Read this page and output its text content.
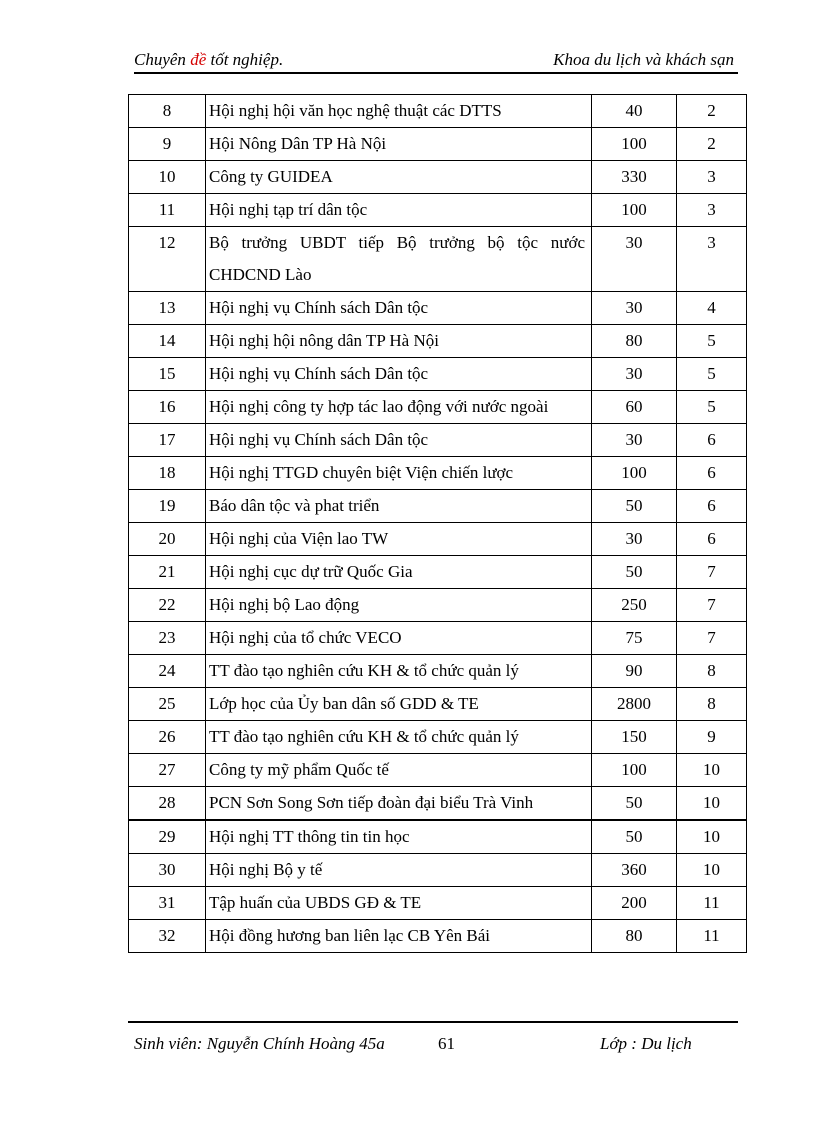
Chuyên đề tốt nghiệp.	Khoa du lịch và khách sạn
8	Hội nghị hội văn học nghệ thuật các DTTS	40	2
9	Hội Nông Dân TP Hà Nội	100	2
10	Công ty GUIDEA	330	3
11	Hội nghị tạp trí dân tộc	100	3
12	Bộ trưởng UBDT tiếp Bộ trưởng bộ tộc nước CHDCND Lào	30	3
13	Hội nghị vụ Chính sách Dân tộc	30	4
14	Hội nghị hội nông dân TP Hà Nội	80	5
15	Hội nghị vụ Chính sách Dân tộc	30	5
16	Hội nghị công ty hợp tác lao động với nước ngoài	60	5
17	Hội nghị vụ Chính sách Dân tộc	30	6
18	Hội nghị TTGD chuyên biệt Viện chiến lược	100	6
19	Báo dân tộc và phat triển	50	6
20	Hội nghị của Viện lao TW	30	6
21	Hội nghị cục dự trữ Quốc Gia	50	7
22	Hội nghị bộ Lao động	250	7
23	Hội nghị của tổ chức VECO	75	7
24	TT đào tạo nghiên cứu KH & tổ chức quản lý	90	8
25	Lớp học của Ủy ban dân số GDD & TE	2800	8
26	TT đào tạo nghiên cứu KH & tổ chức quản lý	150	9
27	Công ty mỹ phẩm Quốc tế	100	10
28	PCN Sơn Song Sơn tiếp đoàn đại biểu Trà Vinh	50	10
29	Hội nghị TT thông tin tin học	50	10
30	Hội nghị Bộ y tế	360	10
31	Tập huấn của UBDS GĐ & TE	200	11
32	Hội đồng hương ban liên lạc CB Yên Bái	80	11
Sinh viên: Nguyễn Chính Hoàng 45a	61	Lớp : Du lịch
